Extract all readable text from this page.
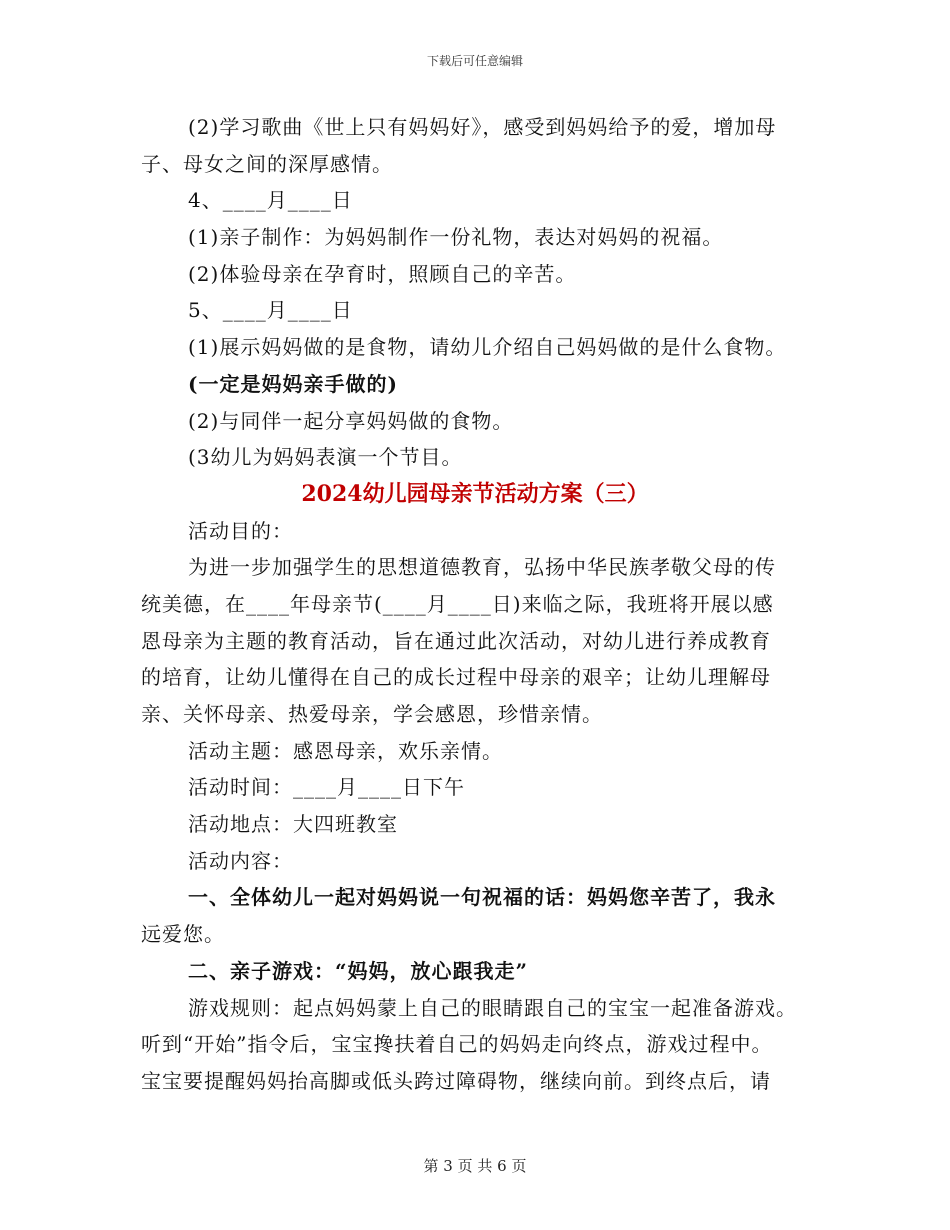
下载后可任意编辑
(2)学习歌曲《世上只有妈妈好》，感受到妈妈给予的爱，增加母
子、母女之间的深厚感情。
4、____月____日
(1)亲子制作：为妈妈制作一份礼物，表达对妈妈的祝福。
(2)体验母亲在孕育时，照顾自己的辛苦。
5、____月____日
(1)展示妈妈做的是食物，请幼儿介绍自己妈妈做的是什么食物。
(一定是妈妈亲手做的)
(2)与同伴一起分享妈妈做的食物。
(3幼儿为妈妈表演一个节目。
2024幼儿园母亲节活动方案（三）
活动目的：
为进一步加强学生的思想道德教育，弘扬中华民族孝敬父母的传
统美德，在____年母亲节(____月____日)来临之际，我班将开展以感
恩母亲为主题的教育活动，旨在通过此次活动，对幼儿进行养成教育
的培育，让幼儿懂得在自己的成长过程中母亲的艰辛；让幼儿理解母
亲、关怀母亲、热爱母亲，学会感恩，珍惜亲情。
活动主题：感恩母亲，欢乐亲情。
活动时间：____月____日下午
活动地点：大四班教室
活动内容：
一、全体幼儿一起对妈妈说一句祝福的话：妈妈您辛苦了，我永
远爱您。
二、亲子游戏：“妈妈，放心跟我走”
游戏规则：起点妈妈蒙上自己的眼睛跟自己的宝宝一起准备游戏。
听到“开始”指令后，宝宝搀扶着自己的妈妈走向终点，游戏过程中。
宝宝要提醒妈妈抬高脚或低头跨过障碍物，继续向前。到终点后，请
第 3 页 共 6 页
